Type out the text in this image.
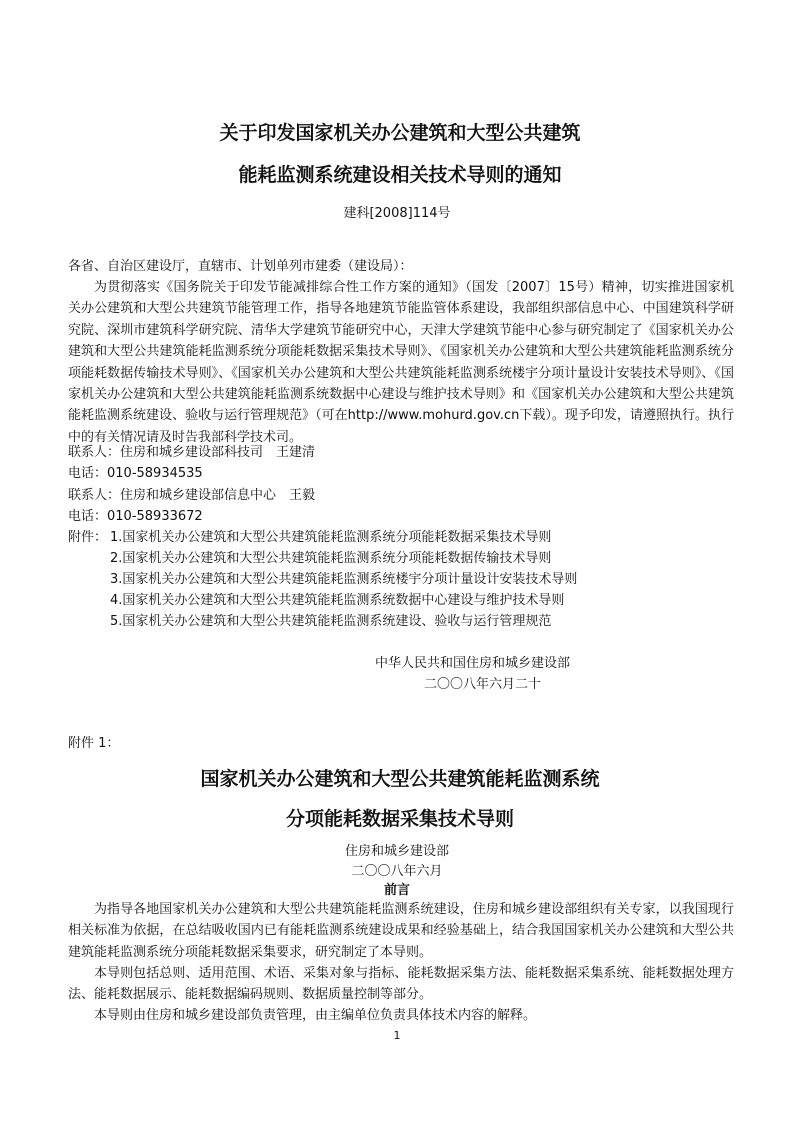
关于印发国家机关办公建筑和大型公共建筑
能耗监测系统建设相关技术导则的通知
建科[2008]114号
各省、自治区建设厅，直辖市、计划单列市建委（建设局）：
为贯彻落实《国务院关于印发节能减排综合性工作方案的通知》（国发〔2007〕15号）精神，切实推进国家机关办公建筑和大型公共建筑节能管理工作，指导各地建筑节能监管体系建设，我部组织部信息中心、中国建筑科学研究院、深圳市建筑科学研究院、清华大学建筑节能研究中心，天津大学建筑节能中心参与研究制定了《国家机关办公建筑和大型公共建筑能耗监测系统分项能耗数据采集技术导则》、《国家机关办公建筑和大型公共建筑能耗监测系统分项能耗数据传输技术导则》、《国家机关办公建筑和大型公共建筑能耗监测系统楼宇分项计量设计安装技术导则》、《国家机关办公建筑和大型公共建筑能耗监测系统数据中心建设与维护技术导则》和《国家机关办公建筑和大型公共建筑能耗监测系统建设、验收与运行管理规范》（可在http://www.mohurd.gov.cn下载）。现予印发，请遵照执行。执行中的有关情况请及时告我部科学技术司。
联系人：住房和城乡建设部科技司　王建清
电话：010-58934535
联系人：住房和城乡建设部信息中心　王毅
电话：010-58933672
附件： 1.国家机关办公建筑和大型公共建筑能耗监测系统分项能耗数据采集技术导则
2.国家机关办公建筑和大型公共建筑能耗监测系统分项能耗数据传输技术导则
3.国家机关办公建筑和大型公共建筑能耗监测系统楼宇分项计量设计安装技术导则
4.国家机关办公建筑和大型公共建筑能耗监测系统数据中心建设与维护技术导则
5.国家机关办公建筑和大型公共建筑能耗监测系统建设、验收与运行管理规范
中华人民共和国住房和城乡建设部
二〇〇八年六月二十
附件 1：
国家机关办公建筑和大型公共建筑能耗监测系统
分项能耗数据采集技术导则
住房和城乡建设部
二〇〇八年六月
前言
为指导各地国家机关办公建筑和大型公共建筑能耗监测系统建设，住房和城乡建设部组织有关专家，以我国现行相关标准为依据，在总结吸收国内已有能耗监测系统建设成果和经验基础上，结合我国国家机关办公建筑和大型公共建筑能耗监测系统分项能耗数据采集要求，研究制定了本导则。
本导则包括总则、适用范围、术语、采集对象与指标、能耗数据采集方法、能耗数据采集系统、能耗数据处理方法、能耗数据展示、能耗数据编码规则、数据质量控制等部分。
本导则由住房和城乡建设部负责管理，由主编单位负责具体技术内容的解释。
1
